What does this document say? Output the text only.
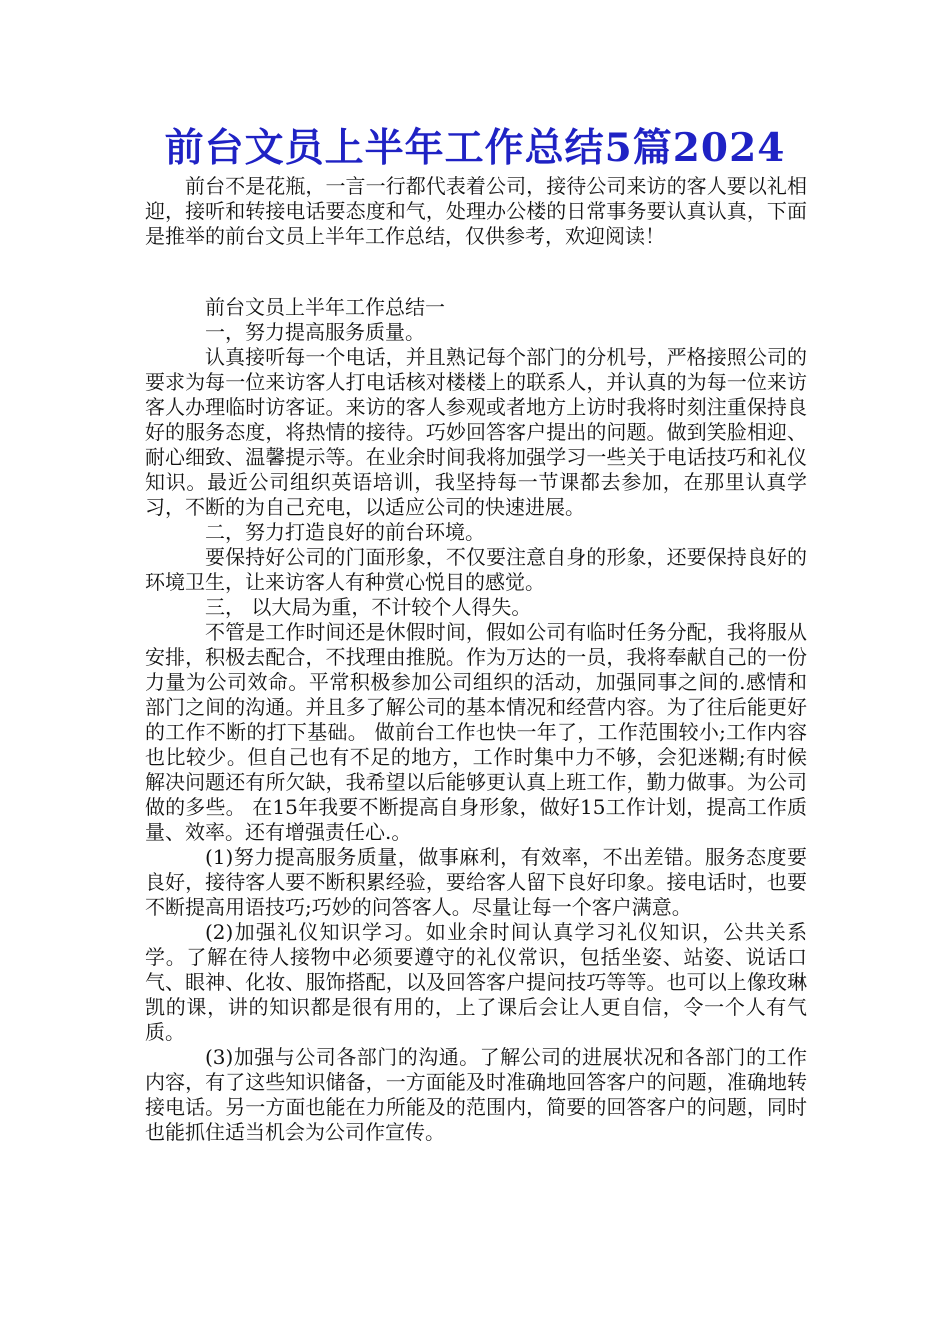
前台文员上半年工作总结5篇2024

前台不是花瓶，一言一行都代表着公司，接待公司来访的客人要以礼相迎，接听和转接电话要态度和气，处理办公楼的日常事务要认真认真，下面是推举的前台文员上半年工作总结，仅供参考，欢迎阅读！

前台文员上半年工作总结一

一，努力提高服务质量。

认真接听每一个电话，并且熟记每个部门的分机号，严格接照公司的要求为每一位来访客人打电话核对楼楼上的联系人，并认真的为每一位来访客人办理临时访客证。来访的客人参观或者地方上访时我将时刻注重保持良好的服务态度，将热情的接待。巧妙回答客户提出的问题。做到笑脸相迎、耐心细致、温馨提示等。在业余时间我将加强学习一些关于电话技巧和礼仪知识。最近公司组织英语培训，我坚持每一节课都去参加，在那里认真学习，不断的为自己充电，以适应公司的快速进展。

二，努力打造良好的前台环境。

要保持好公司的门面形象，不仅要注意自身的形象，还要保持良好的环境卫生，让来访客人有种赏心悦目的感觉。

三， 以大局为重，不计较个人得失。

不管是工作时间还是休假时间，假如公司有临时任务分配，我将服从安排，积极去配合，不找理由推脱。作为万达的一员，我将奉献自己的一份力量为公司效命。平常积极参加公司组织的活动，加强同事之间的.感情和部门之间的沟通。并且多了解公司的基本情况和经营内容。为了往后能更好的工作不断的打下基础。 做前台工作也快一年了，工作范围较小;工作内容也比较少。但自己也有不足的地方，工作时集中力不够，会犯迷糊;有时候解决问题还有所欠缺，我希望以后能够更认真上班工作，勤力做事。为公司做的多些。 在15年我要不断提高自身形象，做好15工作计划，提高工作质量、效率。还有增强责任心.。

(1)努力提高服务质量，做事麻利，有效率，不出差错。服务态度要良好，接待客人要不断积累经验，要给客人留下良好印象。接电话时，也要不断提高用语技巧;巧妙的问答客人。尽量让每一个客户满意。

(2)加强礼仪知识学习。如业余时间认真学习礼仪知识，公共关系学。了解在待人接物中必须要遵守的礼仪常识，包括坐姿、站姿、说话口气、眼神、化妆、服饰搭配，以及回答客户提问技巧等等。也可以上像玫琳凯的课，讲的知识都是很有用的，上了课后会让人更自信，令一个人有气质。

(3)加强与公司各部门的沟通。了解公司的进展状况和各部门的工作内容，有了这些知识储备，一方面能及时准确地回答客户的问题，准确地转接电话。另一方面也能在力所能及的范围内，简要的回答客户的问题，同时也能抓住适当机会为公司作宣传。
